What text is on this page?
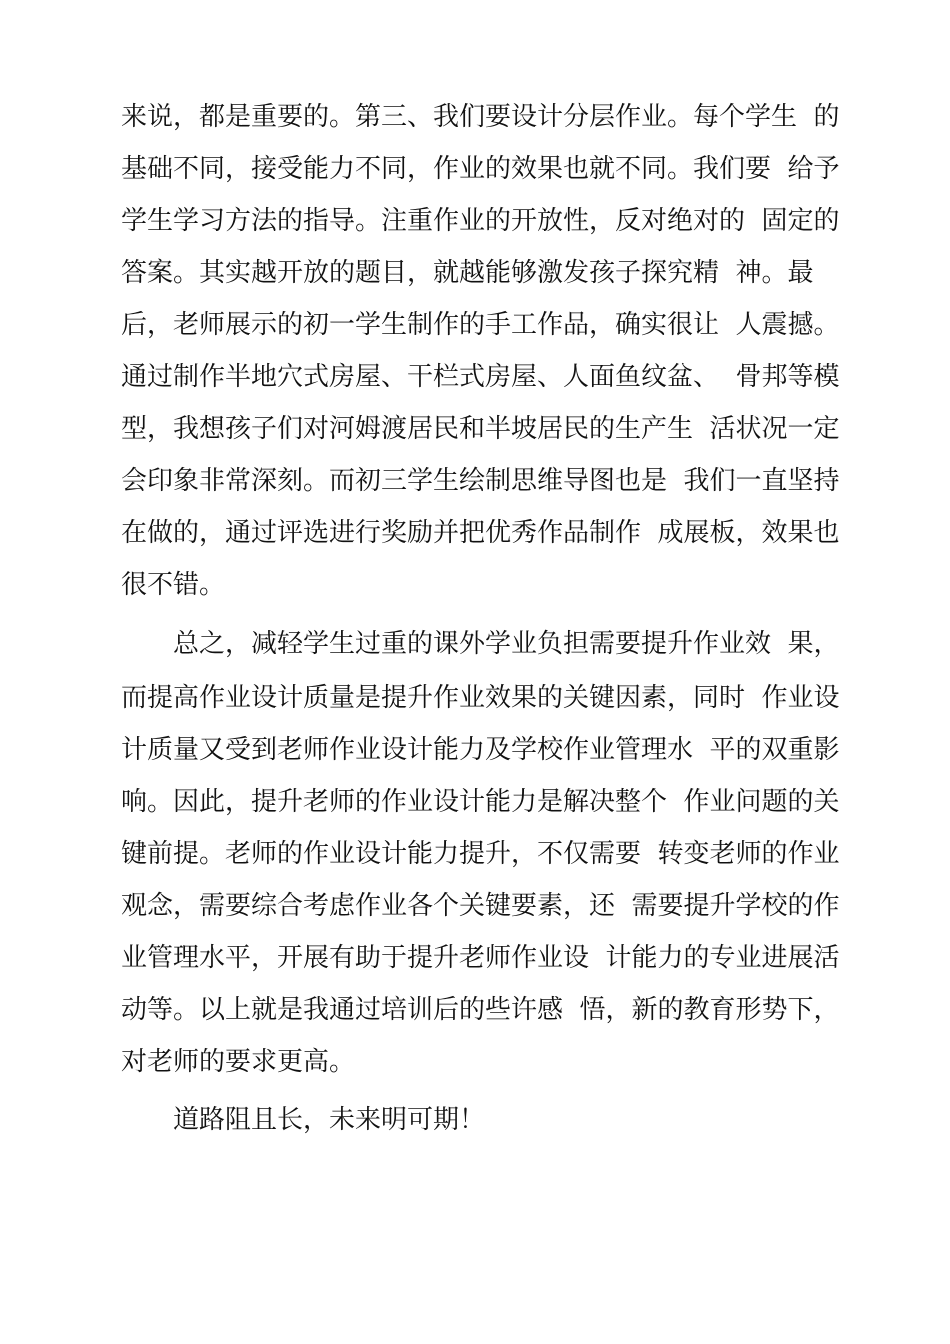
来说，都是重要的。第三、我们要设计分层作业。每个学生  的
基础不同，接受能力不同，作业的效果也就不同。我们要  给予
学生学习方法的指导。注重作业的开放性，反对绝对的  固定的
答案。其实越开放的题目，就越能够激发孩子探究精  神。最
后，老师展示的初一学生制作的手工作品，确实很让  人震撼。
通过制作半地穴式房屋、干栏式房屋、人面鱼纹盆、  骨邦等模
型，我想孩子们对河姆渡居民和半坡居民的生产生  活状况一定
会印象非常深刻。而初三学生绘制思维导图也是  我们一直坚持
在做的，通过评选进行奖励并把优秀作品制作  成展板，效果也
很不错。
总之，减轻学生过重的课外学业负担需要提升作业效  果，
而提高作业设计质量是提升作业效果的关键因素，同时  作业设
计质量又受到老师作业设计能力及学校作业管理水  平的双重影
响。因此，提升老师的作业设计能力是解决整个  作业问题的关
键前提。老师的作业设计能力提升，不仅需要  转变老师的作业
观念，需要综合考虑作业各个关键要素，还  需要提升学校的作
业管理水平，开展有助于提升老师作业设  计能力的专业进展活
动等。以上就是我通过培训后的些许感  悟，新的教育形势下，
对老师的要求更高。
道路阻且长，未来明可期！
